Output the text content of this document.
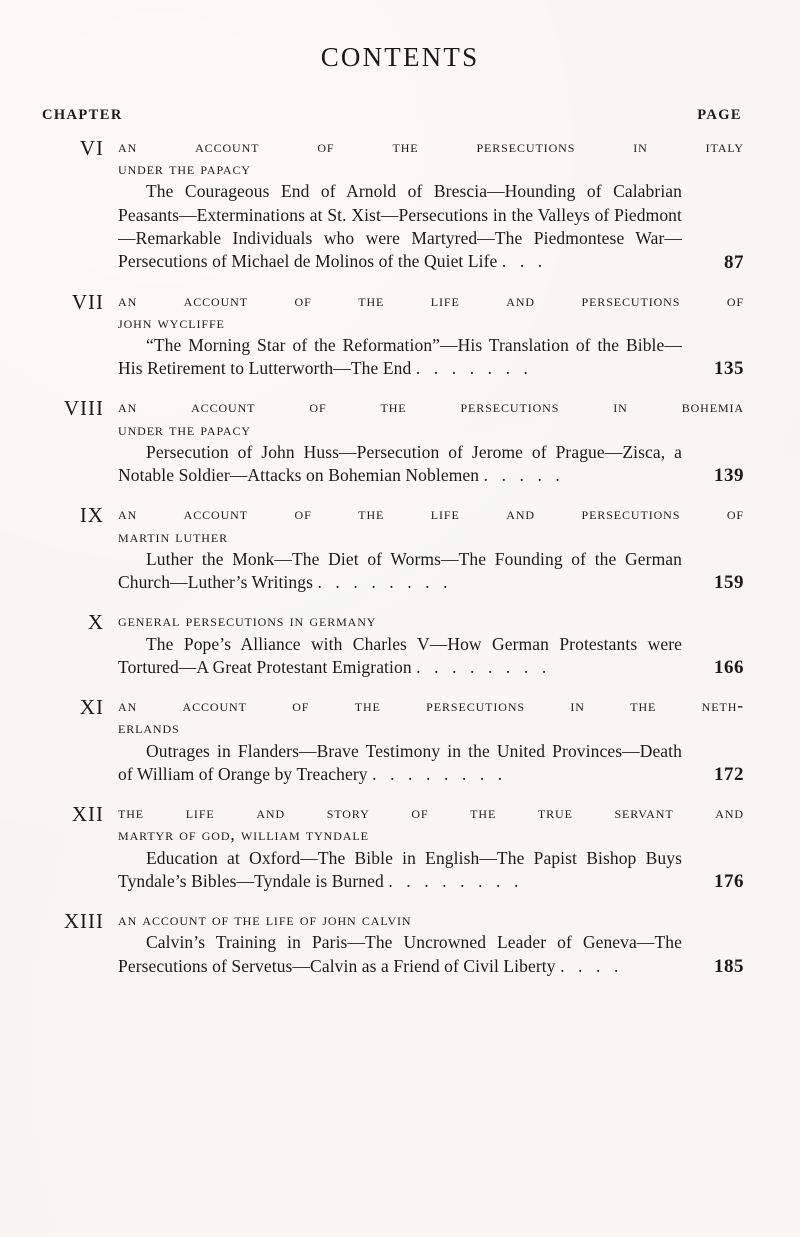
CONTENTS
CHAPTER	PAGE
VI an account of the persecutions in italy
under the papacy
The Courageous End of Arnold of Brescia—Hounding of Calabrian Peasants—Exterminations at St. Xist—Persecutions in the Valleys of Piedmont—Remarkable Individuals who were Martyred—The Piedmontese War—Persecutions of Michael de Molinos of the Quiet Life . . .	87
VII an account of the life and persecutions of
john wycliffe
“The Morning Star of the Reformation”—His Translation of the Bible—His Retirement to Lutterworth—The End . . . . . . .	135
VIII an account of the persecutions in bohemia
under the papacy
Persecution of John Huss—Persecution of Jerome of Prague—Zisca, a Notable Soldier—Attacks on Bohemian Noblemen . . . . .	139
IX an account of the life and persecutions of
martin luther
Luther the Monk—The Diet of Worms—The Founding of the German Church—Luther’s Writings . . . . . . . .	159
X general persecutions in germany
The Pope’s Alliance with Charles V—How German Protestants were Tortured—A Great Protestant Emigration . . . . . . . .	166
XI an account of the persecutions in the neth-
erlands
Outrages in Flanders—Brave Testimony in the United Provinces—Death of William of Orange by Treachery . . . . . . . .	172
XII the life and story of the true servant and
martyr of god, william tyndale
Education at Oxford—The Bible in English—The Papist Bishop Buys Tyndale’s Bibles—Tyndale is Burned . . . . . . . .	176
XIII an account of the life of john calvin
Calvin’s Training in Paris—The Uncrowned Leader of Geneva—The Persecutions of Servetus—Calvin as a Friend of Civil Liberty . . . .	185
